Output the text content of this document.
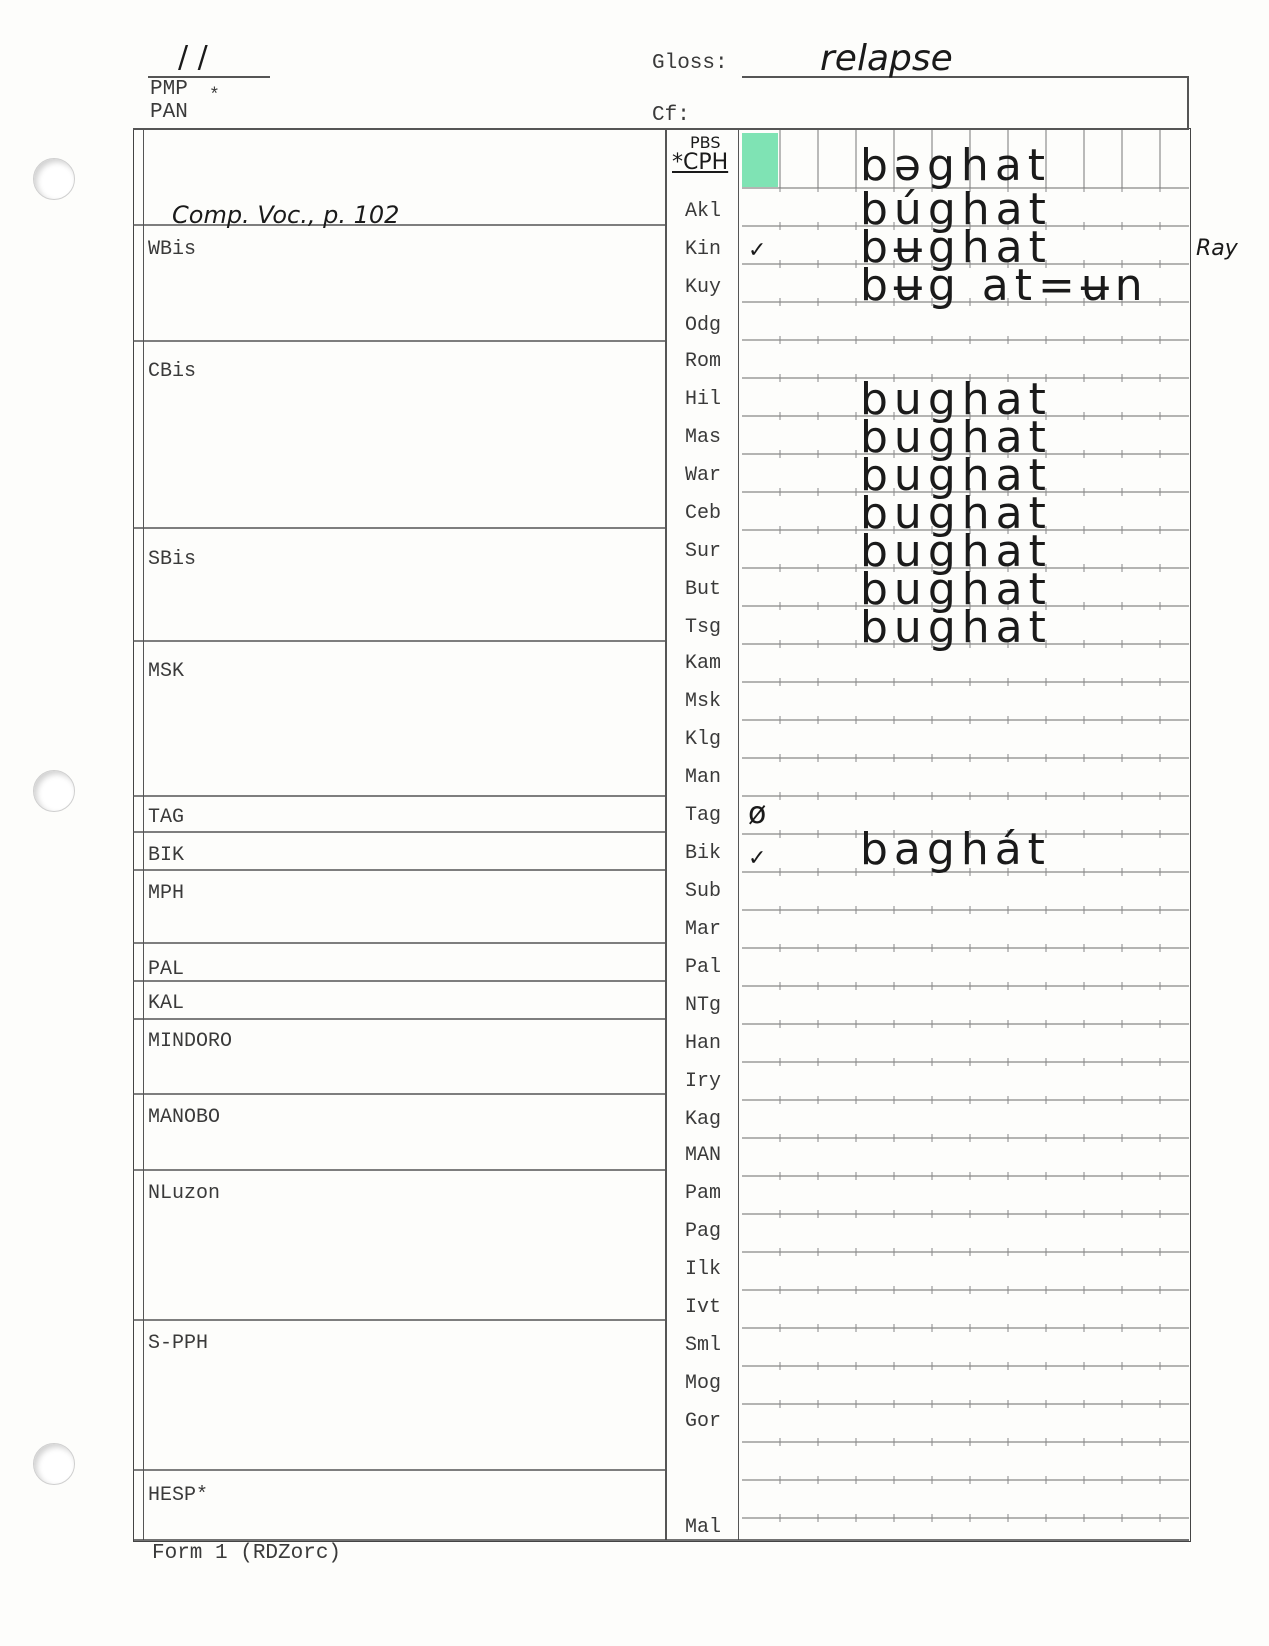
/ /
PMP *
PAN
Gloss:	relapse
Cf:
WBis
CBis
SBis
MSK
TAG
BIK
MPH
PAL
KAL
MINDORO
MANOBO
NLuzon
S-PPH
HESP*
Comp. Voc., p. 102
PBS
*CPH
Akl
Kin
Kuy
Odg
Rom
Hil
Mas
War
Ceb
Sur
But
Tsg
Kam
Msk
Klg
Man
Tag
Bik
Sub
Mar
Pal
NTg
Han
Iry
Kag
MAN
Pam
Pag
Ilk
Ivt
Sml
Mog
Gor
Mal
bəghat
búghat
bʉghat
bʉg at=ʉn
bughat
bughat
bughat
bughat
bughat
bughat
bughat
baghát
✓
ø
✓
Ray
Form 1 (RDZorc)
